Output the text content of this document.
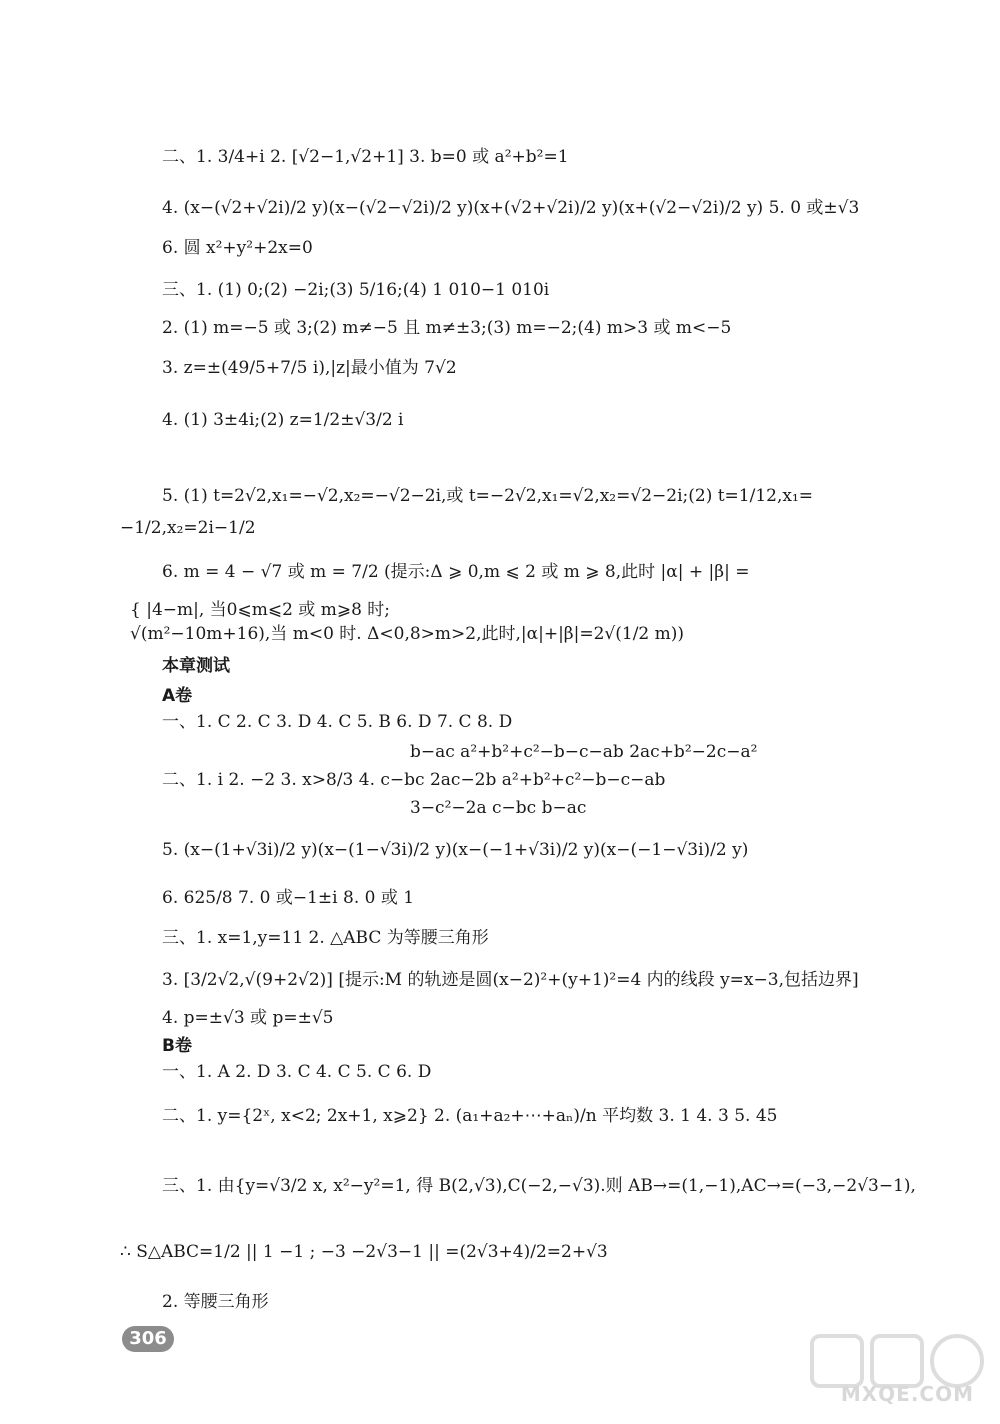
二、1. 3/4+i 2. [√2−1,√2+1] 3. b=0 或 a²+b²=1
4. (x−(√2+√2i)/2 y)(x−(√2−√2i)/2 y)(x+(√2+√2i)/2 y)(x+(√2−√2i)/2 y) 5. 0 或±√3
6. 圆 x²+y²+2x=0
三、1. (1) 0;(2) −2i;(3) 5/16;(4) 1 010−1 010i
2. (1) m=−5 或 3;(2) m≠−5 且 m≠±3;(3) m=−2;(4) m>3 或 m<−5
3. z=±(49/5+7/5 i),|z|最小值为 7√2
4. (1) 3±4i;(2) z=1/2±√3/2 i
5. (1) t=2√2,x₁=−√2,x₂=−√2−2i,或 t=−2√2,x₁=√2,x₂=√2−2i;(2) t=1/12,x₁=
−1/2,x₂=2i−1/2
6. m = 4 − √7 或 m = 7/2 (提示:Δ ⩾ 0,m ⩽ 2 或 m ⩾ 8,此时 |α| + |β| =
{ |4−m|, 当0⩽m⩽2 或 m⩾8 时;
√(m²−10m+16),当 m<0 时. Δ<0,8>m>2,此时,|α|+|β|=2√(1/2 m))
本章测试
A卷
一、1. C 2. C 3. D 4. C 5. B 6. D 7. C 8. D
b−ac a²+b²+c²−b−c−ab 2ac+b²−2c−a²
二、1. i 2. −2 3. x>8/3 4. c−bc 2ac−2b a²+b²+c²−b−c−ab
3−c²−2a c−bc b−ac
5. (x−(1+√3i)/2 y)(x−(1−√3i)/2 y)(x−(−1+√3i)/2 y)(x−(−1−√3i)/2 y)
6. 625/8 7. 0 或−1±i 8. 0 或 1
三、1. x=1,y=11 2. △ABC 为等腰三角形
3. [3/2√2,√(9+2√2)] [提示:M 的轨迹是圆(x−2)²+(y+1)²=4 内的线段 y=x−3,包括边界]
4. p=±√3 或 p=±√5
B卷
一、1. A 2. D 3. C 4. C 5. C 6. D
二、1. y={2ˣ, x<2; 2x+1, x⩾2} 2. (a₁+a₂+⋯+aₙ)/n 平均数 3. 1 4. 3 5. 45
三、1. 由{y=√3/2 x, x²−y²=1, 得 B(2,√3),C(−2,−√3).则 AB→=(1,−1),AC→=(−3,−2√3−1),
∴ S△ABC=1/2 || 1 −1 ; −3 −2√3−1 || =(2√3+4)/2=2+√3
2. 等腰三角形
306
MXQE.COM
